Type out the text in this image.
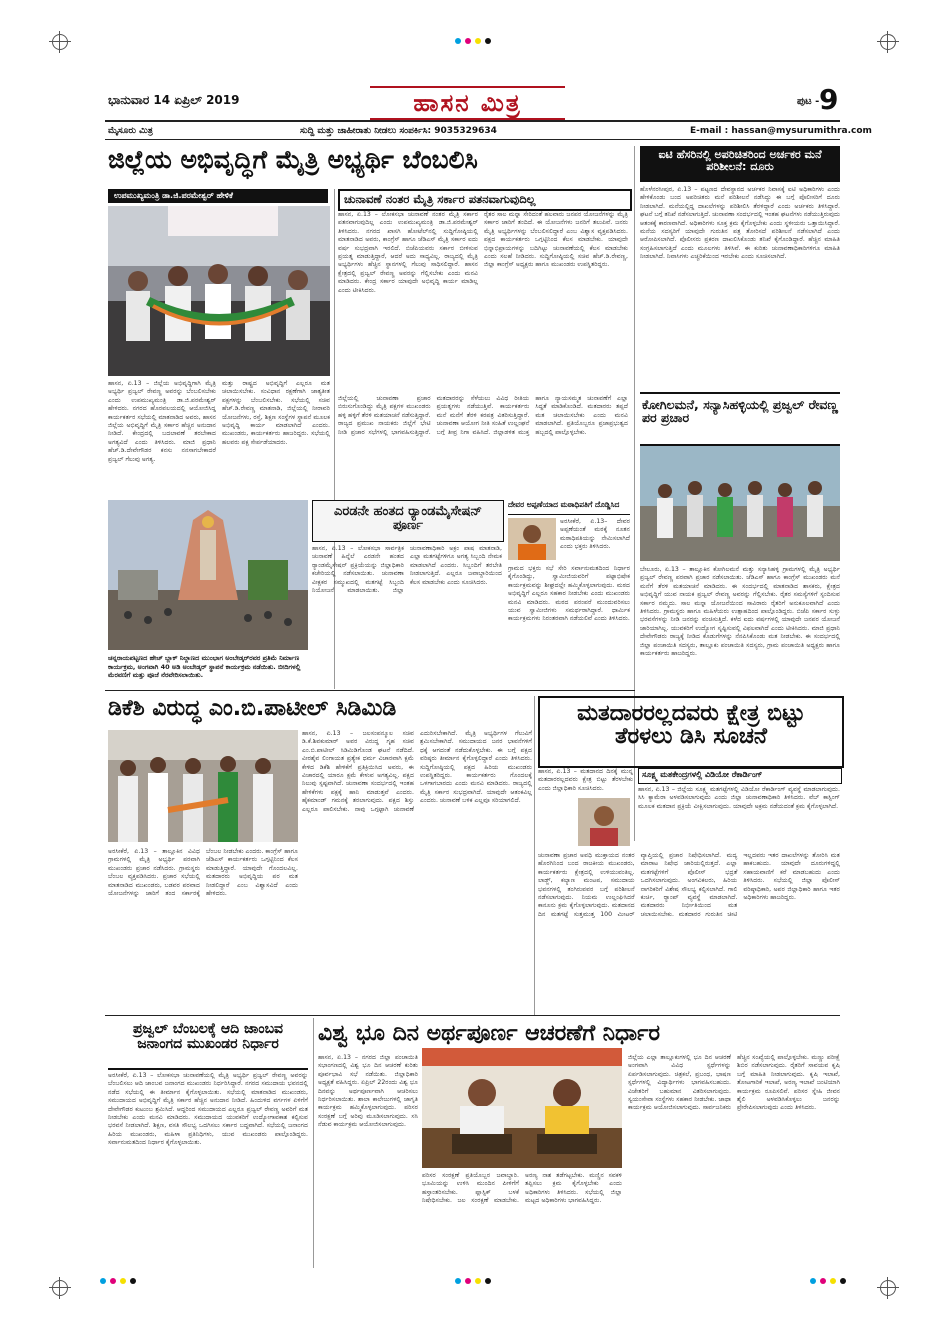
ಭಾನುವಾರ 14 ಏಪ್ರಿಲ್ 2019	ಹಾಸನ ಮಿತ್ರ	ಪುಟ - 9
ಮೈಸೂರು ಮಿತ್ರ	ಸುದ್ದಿ ಮತ್ತು ಜಾಹೀರಾತು ನೀಡಲು ಸಂಪರ್ಕಿಸಿ: 9035329634	E-mail : hassan@mysurumithra.com
ಜಿಲ್ಲೆಯ ಅಭಿವೃದ್ಧಿಗೆ ಮೈತ್ರಿ ಅಭ್ಯರ್ಥಿ ಬೆಂಬಲಿಸಿ	ಐಟಿ ಹೆಸರಿನಲ್ಲಿ ಅಪರಿಚಿತರಿಂದ ಅರ್ಚಕರ ಮನೆ ಪರಿಶೀಲನೆ: ದೂರು
ಹೊಳೆನರಸೀಪುರ, ಏ.13 – ಪಟ್ಟಣದ ದೇವಸ್ಥಾನದ ಅರ್ಚಕರ ನಿವಾಸಕ್ಕೆ ಐಟಿ ಅಧಿಕಾರಿಗಳು ಎಂದು ಹೇಳಿಕೊಂಡು ಬಂದ ಅಪರಿಚಿತರು ಮನೆ ಪರಿಶೀಲನೆ ನಡೆಸಿದ್ದು ಈ ಬಗ್ಗೆ ಪೊಲೀಸರಿಗೆ ದೂರು ನೀಡಲಾಗಿದೆ. ಮನೆಯಲ್ಲಿದ್ದ ದಾಖಲೆಗಳನ್ನು ಪರಿಶೀಲಿಸಿ ತೆರಳಿದ್ದಾರೆ ಎಂದು ಅರ್ಚಕರು ತಿಳಿಸಿದ್ದಾರೆ. ಘಟನೆ ಬಗ್ಗೆ ತನಿಖೆ ನಡೆಸಲಾಗುತ್ತಿದೆ. ಚುನಾವಣಾ ಸಂದರ್ಭದಲ್ಲಿ ಇಂತಹ ಘಟನೆಗಳು ನಡೆಯುತ್ತಿರುವುದು ಆತಂಕಕ್ಕೆ ಕಾರಣವಾಗಿದೆ. ಅಧಿಕಾರಿಗಳು ಸೂಕ್ತ ಕ್ರಮ ಕೈಗೊಳ್ಳಬೇಕು ಎಂದು ಸ್ಥಳೀಯರು ಒತ್ತಾಯಿಸಿದ್ದಾರೆ. ಮನೆಯ ಸದಸ್ಯರಿಗೆ ಯಾವುದೇ ಗುರುತಿನ ಪತ್ರ ತೋರಿಸದೆ ಪರಿಶೀಲನೆ ನಡೆಸಲಾಗಿದೆ ಎಂದು ಆರೋಪಿಸಲಾಗಿದೆ. ಪೊಲೀಸರು ಪ್ರಕರಣ ದಾಖಲಿಸಿಕೊಂಡು ತನಿಖೆ ಕೈಗೊಂಡಿದ್ದಾರೆ. ಹೆಚ್ಚಿನ ಮಾಹಿತಿ ಸಂಗ್ರಹಿಸಲಾಗುತ್ತಿದೆ ಎಂದು ಮೂಲಗಳು ತಿಳಿಸಿವೆ. ಈ ಕುರಿತು ಚುನಾವಣಾಧಿಕಾರಿಗಳಿಗೂ ಮಾಹಿತಿ ನೀಡಲಾಗಿದೆ. ನಿವಾಸಿಗಳು ಎಚ್ಚರಿಕೆಯಿಂದ ಇರಬೇಕು ಎಂದು ಸೂಚಿಸಲಾಗಿದೆ.
ಉಪಮುಖ್ಯಮಂತ್ರಿ ಡಾ.ಜಿ.ಪರಮೇಶ್ವರ್ ಹೇಳಿಕೆ	ಚುನಾವಣೆ ನಂತರ ಮೈತ್ರಿ ಸರ್ಕಾರ ಪತನವಾಗುವುದಿಲ್ಲ
ಹಾಸನ, ಏ.13 – ಲೋಕಸಭಾ ಚುನಾವಣೆ ನಂತರ ಮೈತ್ರಿ ಸರ್ಕಾರ ಪತನವಾಗುವುದಿಲ್ಲ ಎಂದು ಉಪಮುಖ್ಯಮಂತ್ರಿ ಡಾ.ಜಿ.ಪರಮೇಶ್ವರ್ ತಿಳಿಸಿದರು. ನಗರದ ಖಾಸಗಿ ಹೋಟೆಲ್‌ನಲ್ಲಿ ಸುದ್ದಿಗೋಷ್ಠಿಯಲ್ಲಿ ಮಾತನಾಡಿದ ಅವರು, ಕಾಂಗ್ರೆಸ್ ಹಾಗೂ ಜೆಡಿಎಸ್ ಮೈತ್ರಿ ಸರ್ಕಾರ ಐದು ವರ್ಷ ಸುಭದ್ರವಾಗಿ ಇರಲಿದೆ. ಬಿಜೆಪಿಯವರು ಸರ್ಕಾರ ಬೀಳಿಸುವ ಪ್ರಯತ್ನ ಮಾಡುತ್ತಿದ್ದಾರೆ, ಆದರೆ ಅದು ಸಾಧ್ಯವಿಲ್ಲ. ರಾಜ್ಯದಲ್ಲಿ ಮೈತ್ರಿ ಅಭ್ಯರ್ಥಿಗಳು ಹೆಚ್ಚಿನ ಸ್ಥಾನಗಳಲ್ಲಿ ಗೆಲುವು ಸಾಧಿಸಲಿದ್ದಾರೆ. ಹಾಸನ ಕ್ಷೇತ್ರದಲ್ಲಿ ಪ್ರಜ್ವಲ್ ರೇವಣ್ಣ ಅವರನ್ನು ಗೆಲ್ಲಿಸಬೇಕು ಎಂದು ಮನವಿ ಮಾಡಿದರು. ಕೇಂದ್ರ ಸರ್ಕಾರ ಯಾವುದೇ ಅಭಿವೃದ್ಧಿ ಕಾರ್ಯ ಮಾಡಿಲ್ಲ ಎಂದು ಟೀಕಿಸಿದರು.
ರೈತರ ಸಾಲ ಮನ್ನಾ ಸೇರಿದಂತೆ ಹಲವಾರು ಜನಪರ ಯೋಜನೆಗಳನ್ನು ಮೈತ್ರಿ ಸರ್ಕಾರ ಜಾರಿಗೆ ತಂದಿದೆ. ಈ ಯೋಜನೆಗಳು ಜನರಿಗೆ ತಲುಪಿವೆ. ಜನರು ಮೈತ್ರಿ ಅಭ್ಯರ್ಥಿಗಳನ್ನು ಬೆಂಬಲಿಸಲಿದ್ದಾರೆ ಎಂಬ ವಿಶ್ವಾಸ ವ್ಯಕ್ತಪಡಿಸಿದರು. ಪಕ್ಷದ ಕಾರ್ಯಕರ್ತರು ಒಗ್ಗಟ್ಟಿನಿಂದ ಕೆಲಸ ಮಾಡಬೇಕು. ಯಾವುದೇ ಭಿನ್ನಾಭಿಪ್ರಾಯಗಳನ್ನು ಬದಿಗಿಟ್ಟು ಚುನಾವಣೆಯಲ್ಲಿ ಕೆಲಸ ಮಾಡಬೇಕು ಎಂದು ಸಲಹೆ ನೀಡಿದರು. ಸುದ್ದಿಗೋಷ್ಠಿಯಲ್ಲಿ ಸಚಿವ ಹೆಚ್.ಡಿ.ರೇವಣ್ಣ, ಜಿಲ್ಲಾ ಕಾಂಗ್ರೆಸ್ ಅಧ್ಯಕ್ಷರು ಹಾಗೂ ಮುಖಂಡರು ಉಪಸ್ಥಿತರಿದ್ದರು.
ಹಾಸನ, ಏ.13 – ಜಿಲ್ಲೆಯ ಅಭಿವೃದ್ಧಿಗಾಗಿ ಮೈತ್ರಿ ಅಭ್ಯರ್ಥಿ ಪ್ರಜ್ವಲ್ ರೇವಣ್ಣ ಅವರನ್ನು ಬೆಂಬಲಿಸಬೇಕು ಎಂದು ಉಪಮುಖ್ಯಮಂತ್ರಿ ಡಾ.ಜಿ.ಪರಮೇಶ್ವರ್ ಹೇಳಿದರು. ನಗರದ ಹೊರವಲಯದಲ್ಲಿ ಆಯೋಜಿಸಿದ್ದ ಕಾರ್ಯಕರ್ತರ ಸಭೆಯಲ್ಲಿ ಮಾತನಾಡಿದ ಅವರು, ಹಾಸನ ಜಿಲ್ಲೆಯ ಅಭಿವೃದ್ಧಿಗೆ ಮೈತ್ರಿ ಸರ್ಕಾರ ಹೆಚ್ಚಿನ ಅನುದಾನ ನೀಡಿದೆ. ಕೇಂದ್ರದಲ್ಲಿ ಬದಲಾವಣೆ ತರಬೇಕಾದ ಅಗತ್ಯವಿದೆ ಎಂದು ತಿಳಿಸಿದರು. ಮಾಜಿ ಪ್ರಧಾನಿ ಹೆಚ್.ಡಿ.ದೇವೇಗೌಡರ ಕನಸು ನನಸಾಗಬೇಕಾದರೆ ಪ್ರಜ್ವಲ್ ಗೆಲುವು ಅಗತ್ಯ.
ಮತ್ತು ರಾಷ್ಟ್ರದ ಅಭಿವೃದ್ಧಿಗೆ ಎಲ್ಲರೂ ಮತ ಚಲಾಯಿಸಬೇಕು. ಸಂವಿಧಾನ ರಕ್ಷಣೆಗಾಗಿ ಜಾತ್ಯತೀತ ಪಕ್ಷಗಳನ್ನು ಬೆಂಬಲಿಸಬೇಕು. ಸಭೆಯಲ್ಲಿ ಸಚಿವ ಹೆಚ್.ಡಿ.ರೇವಣ್ಣ ಮಾತನಾಡಿ, ಜಿಲ್ಲೆಯಲ್ಲಿ ನೀರಾವರಿ ಯೋಜನೆಗಳು, ರಸ್ತೆ, ಶಿಕ್ಷಣ ಸಂಸ್ಥೆಗಳ ಸ್ಥಾಪನೆ ಮೂಲಕ ಅಭಿವೃದ್ಧಿ ಕಾರ್ಯ ಮಾಡಲಾಗಿದೆ ಎಂದರು. ಮುಖಂಡರು, ಕಾರ್ಯಕರ್ತರು ಹಾಜರಿದ್ದರು. ಸಭೆಯಲ್ಲಿ ಹಲವರು ಪಕ್ಷ ಸೇರ್ಪಡೆಯಾದರು.
ಜಿಲ್ಲೆಯಲ್ಲಿ ಚುನಾವಣಾ ಪ್ರಚಾರ ಬಿರುಸುಗೊಂಡಿದ್ದು ಮೈತ್ರಿ ಪಕ್ಷಗಳ ಮುಖಂಡರು ಹಳ್ಳಿ ಹಳ್ಳಿಗೆ ತೆರಳಿ ಮತಯಾಚನೆ ನಡೆಸುತ್ತಿದ್ದಾರೆ. ರಾಜ್ಯದ ಪ್ರಮುಖ ನಾಯಕರು ಜಿಲ್ಲೆಗೆ ಭೇಟಿ ನೀಡಿ ಪ್ರಚಾರ ಸಭೆಗಳಲ್ಲಿ ಭಾಗವಹಿಸುತ್ತಿದ್ದಾರೆ. ಮತದಾರರನ್ನು ಸೆಳೆಯಲು ವಿವಿಧ ರೀತಿಯ ಪ್ರಯತ್ನಗಳು ನಡೆಯುತ್ತಿವೆ. ಕಾರ್ಯಕರ್ತರು ಮನೆ ಮನೆಗೆ ತೆರಳಿ ಕರಪತ್ರ ವಿತರಿಸುತ್ತಿದ್ದಾರೆ. ಚುನಾವಣಾ ಆಯೋಗ ನೀತಿ ಸಂಹಿತೆ ಉಲ್ಲಂಘನೆ ಬಗ್ಗೆ ತೀವ್ರ ನಿಗಾ ವಹಿಸಿದೆ. ಜಿಲ್ಲಾಡಳಿತ ಮುಕ್ತ ಹಾಗೂ ನ್ಯಾಯಸಮ್ಮತ ಚುನಾವಣೆಗೆ ಎಲ್ಲಾ ಸಿದ್ಧತೆ ಮಾಡಿಕೊಂಡಿದೆ. ಮತದಾರರು ತಪ್ಪದೆ ಮತ ಚಲಾಯಿಸಬೇಕು ಎಂದು ಮನವಿ ಮಾಡಲಾಗಿದೆ. ಪ್ರತಿಯೊಬ್ಬರೂ ಪ್ರಜಾಪ್ರಭುತ್ವದ ಹಬ್ಬದಲ್ಲಿ ಪಾಲ್ಗೊಳ್ಳಬೇಕು.
ಚನ್ನರಾಯಪಟ್ಟಣದ ಹೇಚ್ ಬ್ಲಾಕ್ ನಿಲ್ದಾಣದ ಮುಂಭಾಗ ಅಂಬೇಡ್ಕರ್‌ರವರ ಪ್ರತಿಮೆ ನಿರ್ಮಾಣ ಕಾರ್ಯಕ್ರಮ, ಅಂಗವಾಗಿ 40 ಅಡಿ ಅಂಬೇಡ್ಕರ್ ಸ್ಥಾಪನೆ ಕಾರ್ಯಕ್ರಮ ನಡೆಯಿತು. ಬೀದಿಗಳಲ್ಲಿ ಮೆರವಣಿಗೆ ಮತ್ತು ಪೂಜೆ ನೆರವೇರಿಸಲಾಯಿತು.
ಎರಡನೇ ಹಂತದ ರ್‍ಯಾಂಡಮೈಸೇಷನ್ ಪೂರ್ಣ
ಹಾಸನ, ಏ.13 – ಲೋಕಸಭಾ ಸಾರ್ವತ್ರಿಕ ಚುನಾವಣೆ ಹಿನ್ನೆಲೆ ಎರಡನೇ ಹಂತದ ರ್‍ಯಾಂಡಮೈಸೇಷನ್ ಪ್ರಕ್ರಿಯೆಯನ್ನು ಜಿಲ್ಲಾಧಿಕಾರಿ ಕಚೇರಿಯಲ್ಲಿ ನಡೆಸಲಾಯಿತು. ಚುನಾವಣಾ ವೀಕ್ಷಕರ ಸಮ್ಮುಖದಲ್ಲಿ ಮತಗಟ್ಟೆ ಸಿಬ್ಬಂದಿ ನಿಯೋಜನೆ ಮಾಡಲಾಯಿತು. ಜಿಲ್ಲಾ ಚುನಾವಣಾಧಿಕಾರಿ ಅಕ್ರಂ ಪಾಷ ಮಾತನಾಡಿ, ಎಲ್ಲಾ ಮತಗಟ್ಟೆಗಳಿಗೂ ಅಗತ್ಯ ಸಿಬ್ಬಂದಿ ನೇಮಕ ಮಾಡಲಾಗಿದೆ ಎಂದರು. ಸಿಬ್ಬಂದಿಗೆ ತರಬೇತಿ ನೀಡಲಾಗುತ್ತಿದೆ. ಎಲ್ಲರೂ ಜವಾಬ್ದಾರಿಯಿಂದ ಕೆಲಸ ಮಾಡಬೇಕು ಎಂದು ಸೂಚಿಸಿದರು.
ದೇವರ ಅಪ್ಪಣೆಯಾದ ಮಠಾಧಿಪತಿಗೆ ದೊಡ್ಡಿಸಿದ
ಅರಸೀಕೆರೆ, ಏ.13– ದೇವರ ಅಪ್ಪಣೆಯಂತೆ ಮಠಕ್ಕೆ ನೂತನ ಮಠಾಧಿಪತಿಯನ್ನು ನೇಮಿಸಲಾಗಿದೆ ಎಂದು ಭಕ್ತರು ತಿಳಿಸಿದರು.
ಗ್ರಾಮದ ಭಕ್ತರು ಸಭೆ ಸೇರಿ ಸರ್ವಾನುಮತದಿಂದ ನಿರ್ಧಾರ ಕೈಗೊಂಡಿದ್ದು, ಸ್ವಾಮೀಜಿಯವರಿಗೆ ಪಟ್ಟಾಭಿಷೇಕ ಕಾರ್ಯಕ್ರಮವನ್ನು ಶೀಘ್ರದಲ್ಲೇ ಹಮ್ಮಿಕೊಳ್ಳಲಾಗುವುದು. ಮಠದ ಅಭಿವೃದ್ಧಿಗೆ ಎಲ್ಲರೂ ಸಹಕಾರ ನೀಡಬೇಕು ಎಂದು ಮುಖಂಡರು ಮನವಿ ಮಾಡಿದರು. ಮಠದ ಪರಂಪರೆ ಮುಂದುವರಿಸಲು ಯುವ ಸ್ವಾಮೀಜಿಗಳು ಸಮರ್ಥರಾಗಿದ್ದಾರೆ. ಧಾರ್ಮಿಕ ಕಾರ್ಯಕ್ರಮಗಳು ನಿರಂತರವಾಗಿ ನಡೆಯಲಿವೆ ಎಂದು ತಿಳಿಸಿದರು.
ಕೋಗಿಲಮನೆ, ಸನ್ಯಾಸಿಹಳ್ಳಿಯಲ್ಲಿ ಪ್ರಜ್ವಲ್ ರೇವಣ್ಣ ಪರ ಪ್ರಚಾರ
ಬೇಲೂರು, ಏ.13 – ತಾಲ್ಲೂಕಿನ ಕೋಗಿಲಮನೆ ಮತ್ತು ಸನ್ಯಾಸಿಹಳ್ಳಿ ಗ್ರಾಮಗಳಲ್ಲಿ ಮೈತ್ರಿ ಅಭ್ಯರ್ಥಿ ಪ್ರಜ್ವಲ್ ರೇವಣ್ಣ ಪರವಾಗಿ ಪ್ರಚಾರ ನಡೆಸಲಾಯಿತು. ಜೆಡಿಎಸ್ ಹಾಗೂ ಕಾಂಗ್ರೆಸ್ ಮುಖಂಡರು ಮನೆ ಮನೆಗೆ ತೆರಳಿ ಮತಯಾಚನೆ ಮಾಡಿದರು. ಈ ಸಂದರ್ಭದಲ್ಲಿ ಮಾತನಾಡಿದ ಶಾಸಕರು, ಕ್ಷೇತ್ರದ ಅಭಿವೃದ್ಧಿಗೆ ಯುವ ನಾಯಕ ಪ್ರಜ್ವಲ್ ರೇವಣ್ಣ ಅವರನ್ನು ಗೆಲ್ಲಿಸಬೇಕು. ರೈತರ ಸಮಸ್ಯೆಗಳಿಗೆ ಸ್ಪಂದಿಸುವ ಸರ್ಕಾರ ನಮ್ಮದು. ಸಾಲ ಮನ್ನಾ ಯೋಜನೆಯಿಂದ ಸಾವಿರಾರು ರೈತರಿಗೆ ಅನುಕೂಲವಾಗಿದೆ ಎಂದು ತಿಳಿಸಿದರು. ಗ್ರಾಮಸ್ಥರು ಹಾಗೂ ಮಹಿಳೆಯರು ಉತ್ಸಾಹದಿಂದ ಪಾಲ್ಗೊಂಡಿದ್ದರು. ಬಿಜೆಪಿ ಸರ್ಕಾರ ಸುಳ್ಳು ಭರವಸೆಗಳನ್ನು ನೀಡಿ ಜನರನ್ನು ವಂಚಿಸುತ್ತಿದೆ. ಕಳೆದ ಐದು ವರ್ಷಗಳಲ್ಲಿ ಯಾವುದೇ ಜನಪರ ಯೋಜನೆ ಜಾರಿಯಾಗಿಲ್ಲ. ಯುವಕರಿಗೆ ಉದ್ಯೋಗ ಸೃಷ್ಟಿಸುವಲ್ಲಿ ವಿಫಲವಾಗಿದೆ ಎಂದು ಟೀಕಿಸಿದರು. ಮಾಜಿ ಪ್ರಧಾನಿ ದೇವೇಗೌಡರು ರಾಜ್ಯಕ್ಕೆ ನೀಡಿದ ಕೊಡುಗೆಗಳನ್ನು ನೆನಪಿಸಿಕೊಂಡು ಮತ ನೀಡಬೇಕು. ಈ ಸಂದರ್ಭದಲ್ಲಿ ಜಿಲ್ಲಾ ಪಂಚಾಯಿತಿ ಸದಸ್ಯರು, ತಾಲ್ಲೂಕು ಪಂಚಾಯಿತಿ ಸದಸ್ಯರು, ಗ್ರಾಮ ಪಂಚಾಯಿತಿ ಅಧ್ಯಕ್ಷರು ಹಾಗೂ ಕಾರ್ಯಕರ್ತರು ಹಾಜರಿದ್ದರು.
ಡಿಕೆಶಿ ವಿರುದ್ಧ ಎಂ.ಬಿ.ಪಾಟೀಲ್ ಸಿಡಿಮಿಡಿ	ಮತದಾರರಲ್ಲದವರು ಕ್ಷೇತ್ರ ಬಿಟ್ಟು ತೆರಳಲು ಡಿಸಿ ಸೂಚನೆ
ಹಾಸನ, ಏ.13 – ಜಲಸಂಪನ್ಮೂಲ ಸಚಿವ ಡಿ.ಕೆ.ಶಿವಕುಮಾರ್ ಅವರ ವಿರುದ್ಧ ಗೃಹ ಸಚಿವ ಎಂ.ಬಿ.ಪಾಟೀಲ್ ಸಿಡಿಮಿಡಿಗೊಂಡ ಘಟನೆ ನಡೆದಿದೆ. ವೀರಶೈವ ಲಿಂಗಾಯತ ಪ್ರತ್ಯೇಕ ಧರ್ಮ ವಿಚಾರವಾಗಿ ಕ್ಷಮೆ ಕೇಳಿದ ಡಿಕೆಶಿ ಹೇಳಿಕೆಗೆ ಪ್ರತಿಕ್ರಿಯಿಸಿದ ಅವರು, ಈ ವಿಚಾರದಲ್ಲಿ ಯಾರೂ ಕ್ಷಮೆ ಕೇಳುವ ಅಗತ್ಯವಿಲ್ಲ. ಪಕ್ಷದ ನಿಲುವು ಸ್ಪಷ್ಟವಾಗಿದೆ. ಚುನಾವಣಾ ಸಂದರ್ಭದಲ್ಲಿ ಇಂತಹ ಹೇಳಿಕೆಗಳು ಪಕ್ಷಕ್ಕೆ ಹಾನಿ ಮಾಡುತ್ತವೆ ಎಂದರು. ಹೈಕಮಾಂಡ್ ಗಮನಕ್ಕೆ ತರಲಾಗುವುದು. ಪಕ್ಷದ ಶಿಸ್ತು ಎಲ್ಲರೂ ಪಾಲಿಸಬೇಕು. ನಾವು ಒಗ್ಗಟ್ಟಾಗಿ ಚುನಾವಣೆ ಎದುರಿಸಬೇಕಾಗಿದೆ. ಮೈತ್ರಿ ಅಭ್ಯರ್ಥಿಗಳ ಗೆಲುವಿಗೆ ಶ್ರಮಿಸಬೇಕಾಗಿದೆ. ಸಮುದಾಯದ ಜನರ ಭಾವನೆಗಳಿಗೆ ಧಕ್ಕೆ ಆಗದಂತೆ ನಡೆದುಕೊಳ್ಳಬೇಕು. ಈ ಬಗ್ಗೆ ಪಕ್ಷದ ವರಿಷ್ಠರು ತೀರ್ಮಾನ ಕೈಗೊಳ್ಳಲಿದ್ದಾರೆ ಎಂದು ತಿಳಿಸಿದರು. ಸುದ್ದಿಗೋಷ್ಠಿಯಲ್ಲಿ ಪಕ್ಷದ ಹಿರಿಯ ಮುಖಂಡರು ಉಪಸ್ಥಿತರಿದ್ದರು. ಕಾರ್ಯಕರ್ತರು ಗೊಂದಲಕ್ಕೆ ಒಳಗಾಗಬಾರದು ಎಂದು ಮನವಿ ಮಾಡಿದರು. ರಾಜ್ಯದಲ್ಲಿ ಮೈತ್ರಿ ಸರ್ಕಾರ ಸುಭದ್ರವಾಗಿದೆ. ಯಾವುದೇ ಆತಂಕವಿಲ್ಲ ಎಂದರು. ಚುನಾವಣೆ ಬಳಿಕ ಎಲ್ಲವೂ ಸರಿಯಾಗಲಿದೆ.
ಅರಸೀಕೆರೆ, ಏ.13 – ತಾಲ್ಲೂಕಿನ ವಿವಿಧ ಗ್ರಾಮಗಳಲ್ಲಿ ಮೈತ್ರಿ ಅಭ್ಯರ್ಥಿ ಪರವಾಗಿ ಮುಖಂಡರು ಪ್ರಚಾರ ನಡೆಸಿದರು. ಗ್ರಾಮಸ್ಥರು ಬೆಂಬಲ ವ್ಯಕ್ತಪಡಿಸಿದರು. ಪ್ರಚಾರ ಸಭೆಯಲ್ಲಿ ಮಾತನಾಡಿದ ಮುಖಂಡರು, ಬಡವರ ಪರವಾದ ಯೋಜನೆಗಳನ್ನು ಜಾರಿಗೆ ತಂದ ಸರ್ಕಾರಕ್ಕೆ ಬೆಂಬಲ ನೀಡಬೇಕು ಎಂದರು. ಕಾಂಗ್ರೆಸ್ ಹಾಗೂ ಜೆಡಿಎಸ್ ಕಾರ್ಯಕರ್ತರು ಒಗ್ಗಟ್ಟಿನಿಂದ ಕೆಲಸ ಮಾಡುತ್ತಿದ್ದಾರೆ. ಯಾವುದೇ ಗೊಂದಲವಿಲ್ಲ. ಮತದಾರರು ಅಭಿವೃದ್ಧಿಯ ಪರ ಮತ ನೀಡಲಿದ್ದಾರೆ ಎಂಬ ವಿಶ್ವಾಸವಿದೆ ಎಂದು ಹೇಳಿದರು.
ಹಾಸನ, ಏ.13 – ಮತದಾನದ ದಿನಕ್ಕೆ ಮುನ್ನ ಮತದಾರರಲ್ಲದವರು ಕ್ಷೇತ್ರ ಬಿಟ್ಟು ತೆರಳಬೇಕು ಎಂದು ಜಿಲ್ಲಾಧಿಕಾರಿ ಸೂಚಿಸಿದರು.
ಸೂಕ್ಷ್ಮ ಮತಕೇಂದ್ರಗಳಲ್ಲಿ ವಿಡಿಯೋ ರೆಕಾರ್ಡಿಂಗ್
ಹಾಸನ, ಏ.13 – ಜಿಲ್ಲೆಯ ಸೂಕ್ಷ್ಮ ಮತಗಟ್ಟೆಗಳಲ್ಲಿ ವಿಡಿಯೋ ರೆಕಾರ್ಡಿಂಗ್ ವ್ಯವಸ್ಥೆ ಮಾಡಲಾಗುವುದು. ಸಿಸಿ ಕ್ಯಾಮೆರಾ ಅಳವಡಿಸಲಾಗುವುದು ಎಂದು ಜಿಲ್ಲಾ ಚುನಾವಣಾಧಿಕಾರಿ ತಿಳಿಸಿದರು. ವೆಬ್ ಕಾಸ್ಟಿಂಗ್ ಮೂಲಕ ಮತದಾನ ಪ್ರಕ್ರಿಯೆ ವೀಕ್ಷಿಸಲಾಗುವುದು. ಯಾವುದೇ ಅಕ್ರಮ ನಡೆಯದಂತೆ ಕ್ರಮ ಕೈಗೊಳ್ಳಲಾಗಿದೆ.
ಚುನಾವಣಾ ಪ್ರಚಾರ ಅವಧಿ ಮುಕ್ತಾಯದ ನಂತರ ಹೊರಗಿನಿಂದ ಬಂದ ರಾಜಕೀಯ ಮುಖಂಡರು, ಕಾರ್ಯಕರ್ತರು ಕ್ಷೇತ್ರದಲ್ಲಿ ಉಳಿಯುವಂತಿಲ್ಲ. ಲಾಡ್ಜ್, ಕಲ್ಯಾಣ ಮಂಟಪ, ಸಮುದಾಯ ಭವನಗಳಲ್ಲಿ ತಂಗಿರುವವರ ಬಗ್ಗೆ ಪರಿಶೀಲನೆ ನಡೆಸಲಾಗುವುದು. ನಿಯಮ ಉಲ್ಲಂಘಿಸಿದರೆ ಕಾನೂನು ಕ್ರಮ ಕೈಗೊಳ್ಳಲಾಗುವುದು. ಮತದಾನದ ದಿನ ಮತಗಟ್ಟೆ ಸುತ್ತಮುತ್ತ 100 ಮೀಟರ್ ವ್ಯಾಪ್ತಿಯಲ್ಲಿ ಪ್ರಚಾರ ನಿಷೇಧಿಸಲಾಗಿದೆ. ಮದ್ಯ ಮಾರಾಟ ನಿಷೇಧ ಜಾರಿಯಲ್ಲಿರುತ್ತದೆ. ಎಲ್ಲಾ ಮತಗಟ್ಟೆಗಳಿಗೆ ಪೊಲೀಸ್ ಭದ್ರತೆ ಒದಗಿಸಲಾಗುವುದು. ಅಂಗವಿಕಲರು, ಹಿರಿಯ ನಾಗರಿಕರಿಗೆ ವಿಶೇಷ ಸೌಲಭ್ಯ ಕಲ್ಪಿಸಲಾಗಿದೆ. ಗಾಲಿ ಕುರ್ಚಿ, ರ್‍ಯಾಂಪ್ ವ್ಯವಸ್ಥೆ ಮಾಡಲಾಗಿದೆ. ಮತದಾರರು ನಿರ್ಭೀತಿಯಿಂದ ಮತ ಚಲಾಯಿಸಬೇಕು. ಮತದಾರರ ಗುರುತಿನ ಚೀಟಿ ಇಲ್ಲದವರು ಇತರ ದಾಖಲೆಗಳನ್ನು ತೋರಿಸಿ ಮತ ಹಾಕಬಹುದು. ಯಾವುದೇ ದೂರುಗಳಿದ್ದಲ್ಲಿ ಸಹಾಯವಾಣಿಗೆ ಕರೆ ಮಾಡಬಹುದು ಎಂದು ತಿಳಿಸಿದರು. ಸಭೆಯಲ್ಲಿ ಜಿಲ್ಲಾ ಪೊಲೀಸ್ ವರಿಷ್ಠಾಧಿಕಾರಿ, ಅಪರ ಜಿಲ್ಲಾಧಿಕಾರಿ ಹಾಗೂ ಇತರ ಅಧಿಕಾರಿಗಳು ಹಾಜರಿದ್ದರು.
ಪ್ರಜ್ವಲ್ ಬೆಂಬಲಕ್ಕೆ ಆದಿ ಜಾಂಬವ ಜನಾಂಗದ ಮುಖಂಡರ ನಿರ್ಧಾರ
ಅರಸೀಕೆರೆ, ಏ.13 – ಲೋಕಸಭಾ ಚುನಾವಣೆಯಲ್ಲಿ ಮೈತ್ರಿ ಅಭ್ಯರ್ಥಿ ಪ್ರಜ್ವಲ್ ರೇವಣ್ಣ ಅವರನ್ನು ಬೆಂಬಲಿಸಲು ಆದಿ ಜಾಂಬವ ಜನಾಂಗದ ಮುಖಂಡರು ನಿರ್ಧರಿಸಿದ್ದಾರೆ. ನಗರದ ಸಮುದಾಯ ಭವನದಲ್ಲಿ ನಡೆದ ಸಭೆಯಲ್ಲಿ ಈ ತೀರ್ಮಾನ ಕೈಗೊಳ್ಳಲಾಯಿತು. ಸಭೆಯಲ್ಲಿ ಮಾತನಾಡಿದ ಮುಖಂಡರು, ಸಮುದಾಯದ ಅಭಿವೃದ್ಧಿಗೆ ಮೈತ್ರಿ ಸರ್ಕಾರ ಹೆಚ್ಚಿನ ಅನುದಾನ ನೀಡಿದೆ. ಹಿಂದುಳಿದ ವರ್ಗಗಳ ಏಳಿಗೆಗೆ ದೇವೇಗೌಡರ ಕುಟುಂಬ ಶ್ರಮಿಸಿದೆ. ಆದ್ದರಿಂದ ಸಮುದಾಯದ ಎಲ್ಲರೂ ಪ್ರಜ್ವಲ್ ರೇವಣ್ಣ ಅವರಿಗೆ ಮತ ನೀಡಬೇಕು ಎಂದು ಮನವಿ ಮಾಡಿದರು. ಸಮುದಾಯದ ಯುವಕರಿಗೆ ಉದ್ಯೋಗಾವಕಾಶ ಕಲ್ಪಿಸುವ ಭರವಸೆ ನೀಡಲಾಗಿದೆ. ಶಿಕ್ಷಣ, ವಸತಿ ಸೌಲಭ್ಯ ಒದಗಿಸಲು ಸರ್ಕಾರ ಬದ್ಧವಾಗಿದೆ. ಸಭೆಯಲ್ಲಿ ಜನಾಂಗದ ಹಿರಿಯ ಮುಖಂಡರು, ಮಹಿಳಾ ಪ್ರತಿನಿಧಿಗಳು, ಯುವ ಮುಖಂಡರು ಪಾಲ್ಗೊಂಡಿದ್ದರು. ಸರ್ವಾನುಮತದಿಂದ ನಿರ್ಧಾರ ಕೈಗೊಳ್ಳಲಾಯಿತು.
ವಿಶ್ವ ಭೂ ದಿನ ಅರ್ಥಪೂರ್ಣ ಆಚರಣೆಗೆ ನಿರ್ಧಾರ
ಹಾಸನ, ಏ.13 – ನಗರದ ಜಿಲ್ಲಾ ಪಂಚಾಯಿತಿ ಸಭಾಂಗಣದಲ್ಲಿ ವಿಶ್ವ ಭೂ ದಿನ ಆಚರಣೆ ಕುರಿತು ಪೂರ್ವಭಾವಿ ಸಭೆ ನಡೆಯಿತು. ಜಿಲ್ಲಾಧಿಕಾರಿ ಅಧ್ಯಕ್ಷತೆ ವಹಿಸಿದ್ದರು. ಏಪ್ರಿಲ್ 22ರಂದು ವಿಶ್ವ ಭೂ ದಿನವನ್ನು ಅರ್ಥಪೂರ್ಣವಾಗಿ ಆಚರಿಸಲು ನಿರ್ಧರಿಸಲಾಯಿತು. ಶಾಲಾ ಕಾಲೇಜುಗಳಲ್ಲಿ ಜಾಗೃತಿ ಕಾರ್ಯಕ್ರಮ ಹಮ್ಮಿಕೊಳ್ಳಲಾಗುವುದು. ಪರಿಸರ ಸಂರಕ್ಷಣೆ ಬಗ್ಗೆ ಅರಿವು ಮೂಡಿಸಲಾಗುವುದು. ಸಸಿ ನೆಡುವ ಕಾರ್ಯಕ್ರಮ ಆಯೋಜಿಸಲಾಗುವುದು.
ಪರಿಸರ ಸಂರಕ್ಷಣೆ ಪ್ರತಿಯೊಬ್ಬರ ಜವಾಬ್ದಾರಿ. ಭೂಮಿಯನ್ನು ಉಳಿಸಿ ಮುಂದಿನ ಪೀಳಿಗೆಗೆ ಹಸ್ತಾಂತರಿಸಬೇಕು. ಪ್ಲಾಸ್ಟಿಕ್ ಬಳಕೆ ನಿಷೇಧಿಸಬೇಕು. ಜಲ ಸಂರಕ್ಷಣೆ ಮಾಡಬೇಕು. ಅರಣ್ಯ ನಾಶ ತಡೆಗಟ್ಟಬೇಕು. ಮಣ್ಣಿನ ಸವಕಳಿ ತಪ್ಪಿಸಲು ಕ್ರಮ ಕೈಗೊಳ್ಳಬೇಕು ಎಂದು ಅಧಿಕಾರಿಗಳು ತಿಳಿಸಿದರು. ಸಭೆಯಲ್ಲಿ ಜಿಲ್ಲಾ ಮಟ್ಟದ ಅಧಿಕಾರಿಗಳು ಭಾಗವಹಿಸಿದ್ದರು.
ಜಿಲ್ಲೆಯ ಎಲ್ಲಾ ತಾಲ್ಲೂಕುಗಳಲ್ಲಿ ಭೂ ದಿನ ಆಚರಣೆ ಅಂಗವಾಗಿ ವಿವಿಧ ಸ್ಪರ್ಧೆಗಳನ್ನು ಏರ್ಪಡಿಸಲಾಗುವುದು. ಚಿತ್ರಕಲೆ, ಪ್ರಬಂಧ, ಭಾಷಣ ಸ್ಪರ್ಧೆಗಳಲ್ಲಿ ವಿದ್ಯಾರ್ಥಿಗಳು ಭಾಗವಹಿಸಬಹುದು. ವಿಜೇತರಿಗೆ ಬಹುಮಾನ ವಿತರಿಸಲಾಗುವುದು. ಸ್ವಯಂಸೇವಾ ಸಂಸ್ಥೆಗಳು ಸಹಕಾರ ನೀಡಬೇಕು. ಜಾಥಾ ಕಾರ್ಯಕ್ರಮ ಆಯೋಜಿಸಲಾಗುವುದು. ಸಾರ್ವಜನಿಕರು ಹೆಚ್ಚಿನ ಸಂಖ್ಯೆಯಲ್ಲಿ ಪಾಲ್ಗೊಳ್ಳಬೇಕು. ಮಣ್ಣು ಪರೀಕ್ಷೆ ಶಿಬಿರ ನಡೆಸಲಾಗುವುದು. ರೈತರಿಗೆ ಸಾವಯವ ಕೃಷಿ ಬಗ್ಗೆ ಮಾಹಿತಿ ನೀಡಲಾಗುವುದು. ಕೃಷಿ ಇಲಾಖೆ, ತೋಟಗಾರಿಕೆ ಇಲಾಖೆ, ಅರಣ್ಯ ಇಲಾಖೆ ಜಂಟಿಯಾಗಿ ಕಾರ್ಯಕ್ರಮ ರೂಪಿಸಲಿವೆ. ಪರಿಸರ ಸ್ನೇಹಿ ಜೀವನ ಶೈಲಿ ಅಳವಡಿಸಿಕೊಳ್ಳಲು ಜನರನ್ನು ಪ್ರೇರೇಪಿಸಲಾಗುವುದು ಎಂದು ತಿಳಿಸಿದರು.
